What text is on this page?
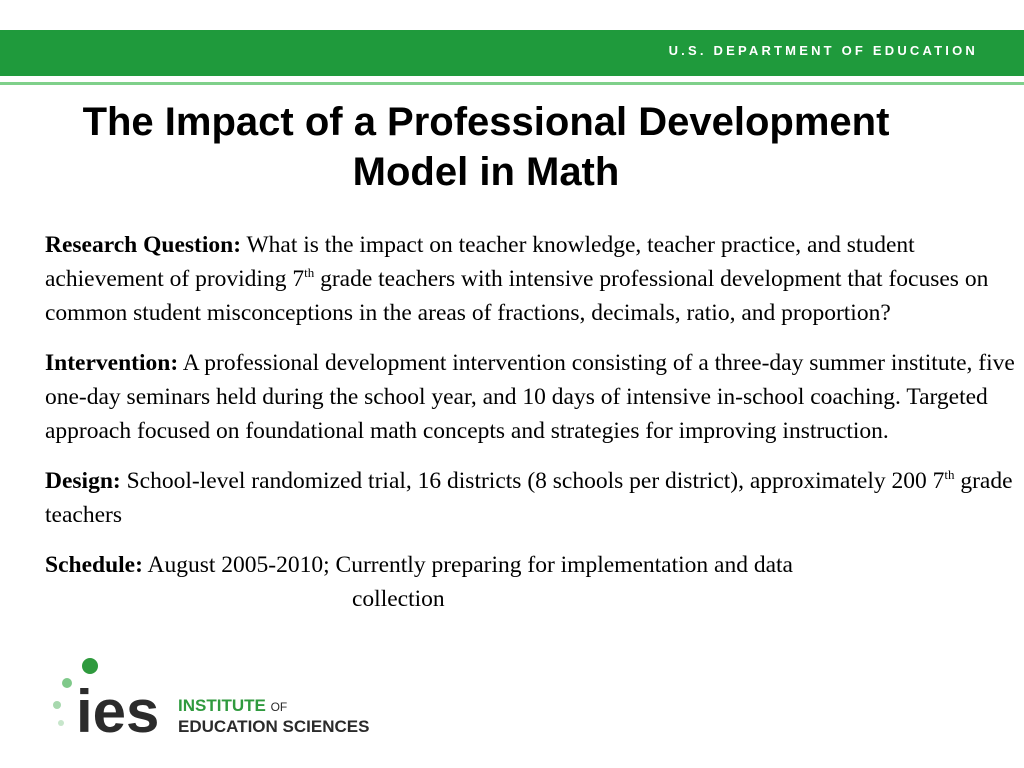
U.S. DEPARTMENT OF EDUCATION
The Impact of a Professional Development
Model in Math

Research Question: What is the impact on teacher knowledge, teacher practice, and student achievement of providing 7th grade teachers with intensive professional development that focuses on common student misconceptions in the areas of fractions, decimals, ratio, and proportion?

Intervention: A professional development intervention consisting of a three-day summer institute, five one-day seminars held during the school year, and 10 days of intensive in-school coaching. Targeted approach focused on foundational math concepts and strategies for improving instruction.

Design: School-level randomized trial, 16 districts (8 schools per district), approximately 200 7th grade teachers

Schedule: August 2005-2010; Currently preparing for implementation and data
collection

ies INSTITUTE OF
EDUCATION SCIENCES
